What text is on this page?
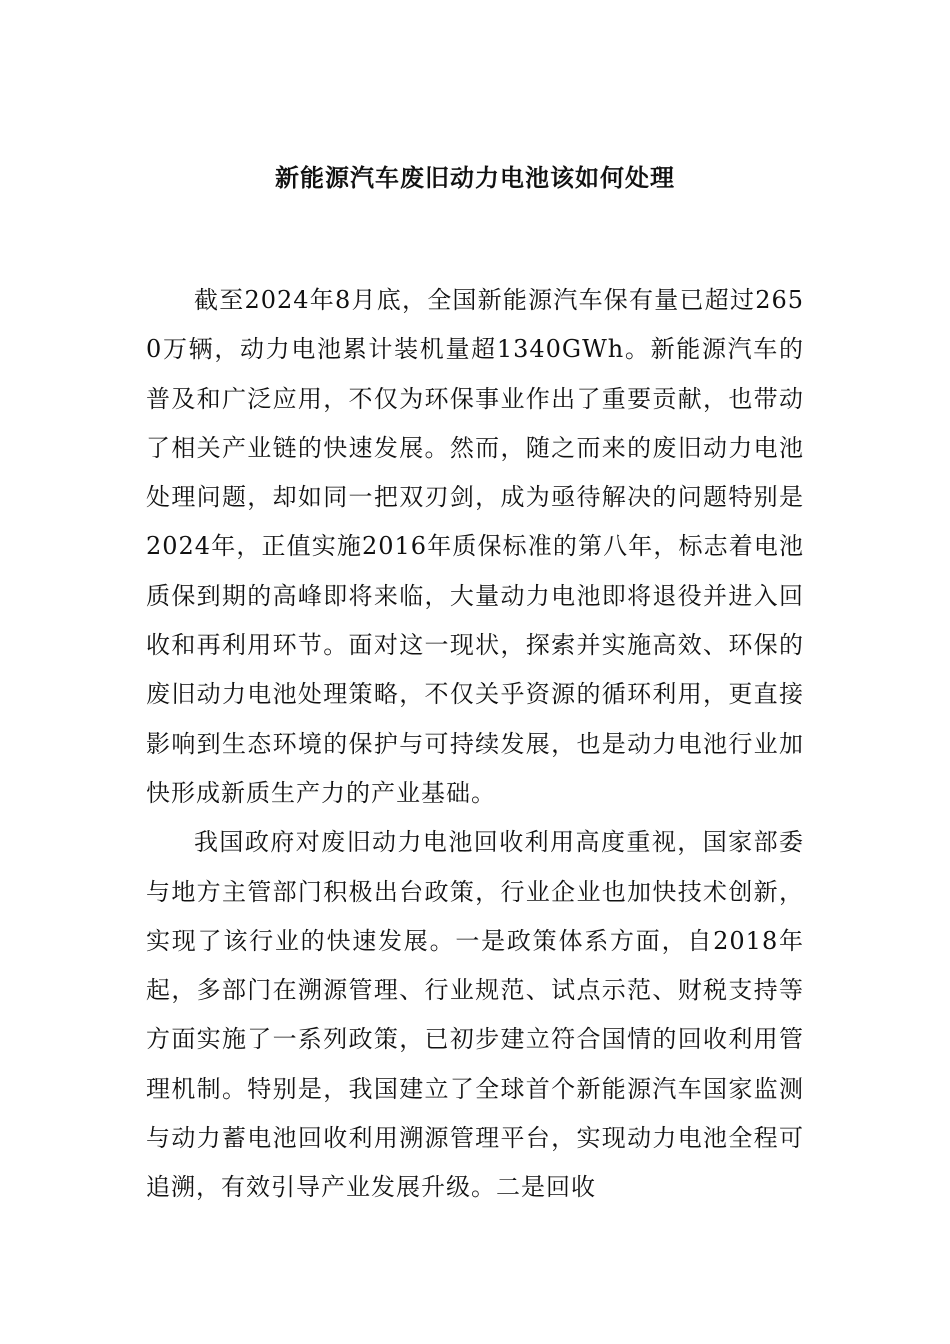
新能源汽车废旧动力电池该如何处理

截至2024年8月底，全国新能源汽车保有量已超过2650万辆，动力电池累计装机量超1340GWh。新能源汽车的普及和广泛应用，不仅为环保事业作出了重要贡献，也带动了相关产业链的快速发展。然而，随之而来的废旧动力电池处理问题，却如同一把双刃剑，成为亟待解决的问题特别是2024年，正值实施2016年质保标准的第八年，标志着电池质保到期的高峰即将来临，大量动力电池即将退役并进入回收和再利用环节。面对这一现状，探索并实施高效、环保的废旧动力电池处理策略，不仅关乎资源的循环利用，更直接影响到生态环境的保护与可持续发展，也是动力电池行业加快形成新质生产力的产业基础。

我国政府对废旧动力电池回收利用高度重视，国家部委与地方主管部门积极出台政策，行业企业也加快技术创新，实现了该行业的快速发展。一是政策体系方面，自2018年起，多部门在溯源管理、行业规范、试点示范、财税支持等方面实施了一系列政策，已初步建立符合国情的回收利用管理机制。特别是，我国建立了全球首个新能源汽车国家监测与动力蓄电池回收利用溯源管理平台，实现动力电池全程可追溯，有效引导产业发展升级。二是回收
